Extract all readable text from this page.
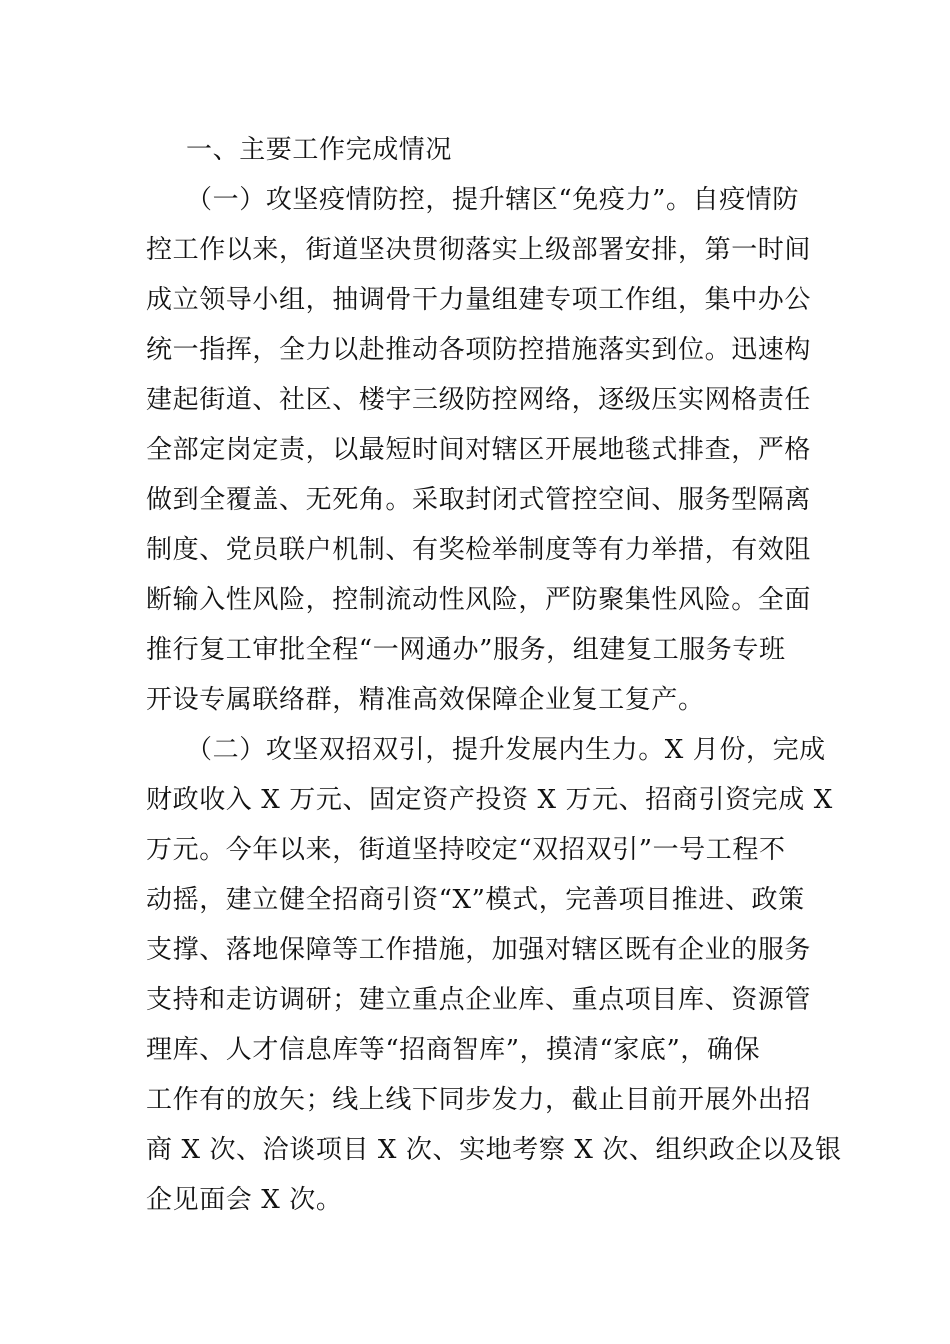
一、主要工作完成情况
（一）攻坚疫情防控，提升辖区“免疫力”。自疫情防
控工作以来，街道坚决贯彻落实上级部署安排，第一时间
成立领导小组，抽调骨干力量组建专项工作组，集中办公
统一指挥，全力以赴推动各项防控措施落实到位。迅速构
建起街道、社区、楼宇三级防控网络，逐级压实网格责任
全部定岗定责，以最短时间对辖区开展地毯式排查，严格
做到全覆盖、无死角。采取封闭式管控空间、服务型隔离
制度、党员联户机制、有奖检举制度等有力举措，有效阻
断输入性风险，控制流动性风险，严防聚集性风险。全面
推行复工审批全程“一网通办”服务，组建复工服务专班
开设专属联络群，精准高效保障企业复工复产。
（二）攻坚双招双引，提升发展内生力。X 月份，完成
财政收入 X 万元、固定资产投资 X 万元、招商引资完成 X
万元。今年以来，街道坚持咬定“双招双引”一号工程不
动摇，建立健全招商引资“X”模式，完善项目推进、政策
支撑、落地保障等工作措施，加强对辖区既有企业的服务
支持和走访调研；建立重点企业库、重点项目库、资源管
理库、人才信息库等“招商智库”，摸清“家底”，确保
工作有的放矢；线上线下同步发力，截止目前开展外出招
商 X 次、洽谈项目 X 次、实地考察 X 次、组织政企以及银
企见面会 X 次。
